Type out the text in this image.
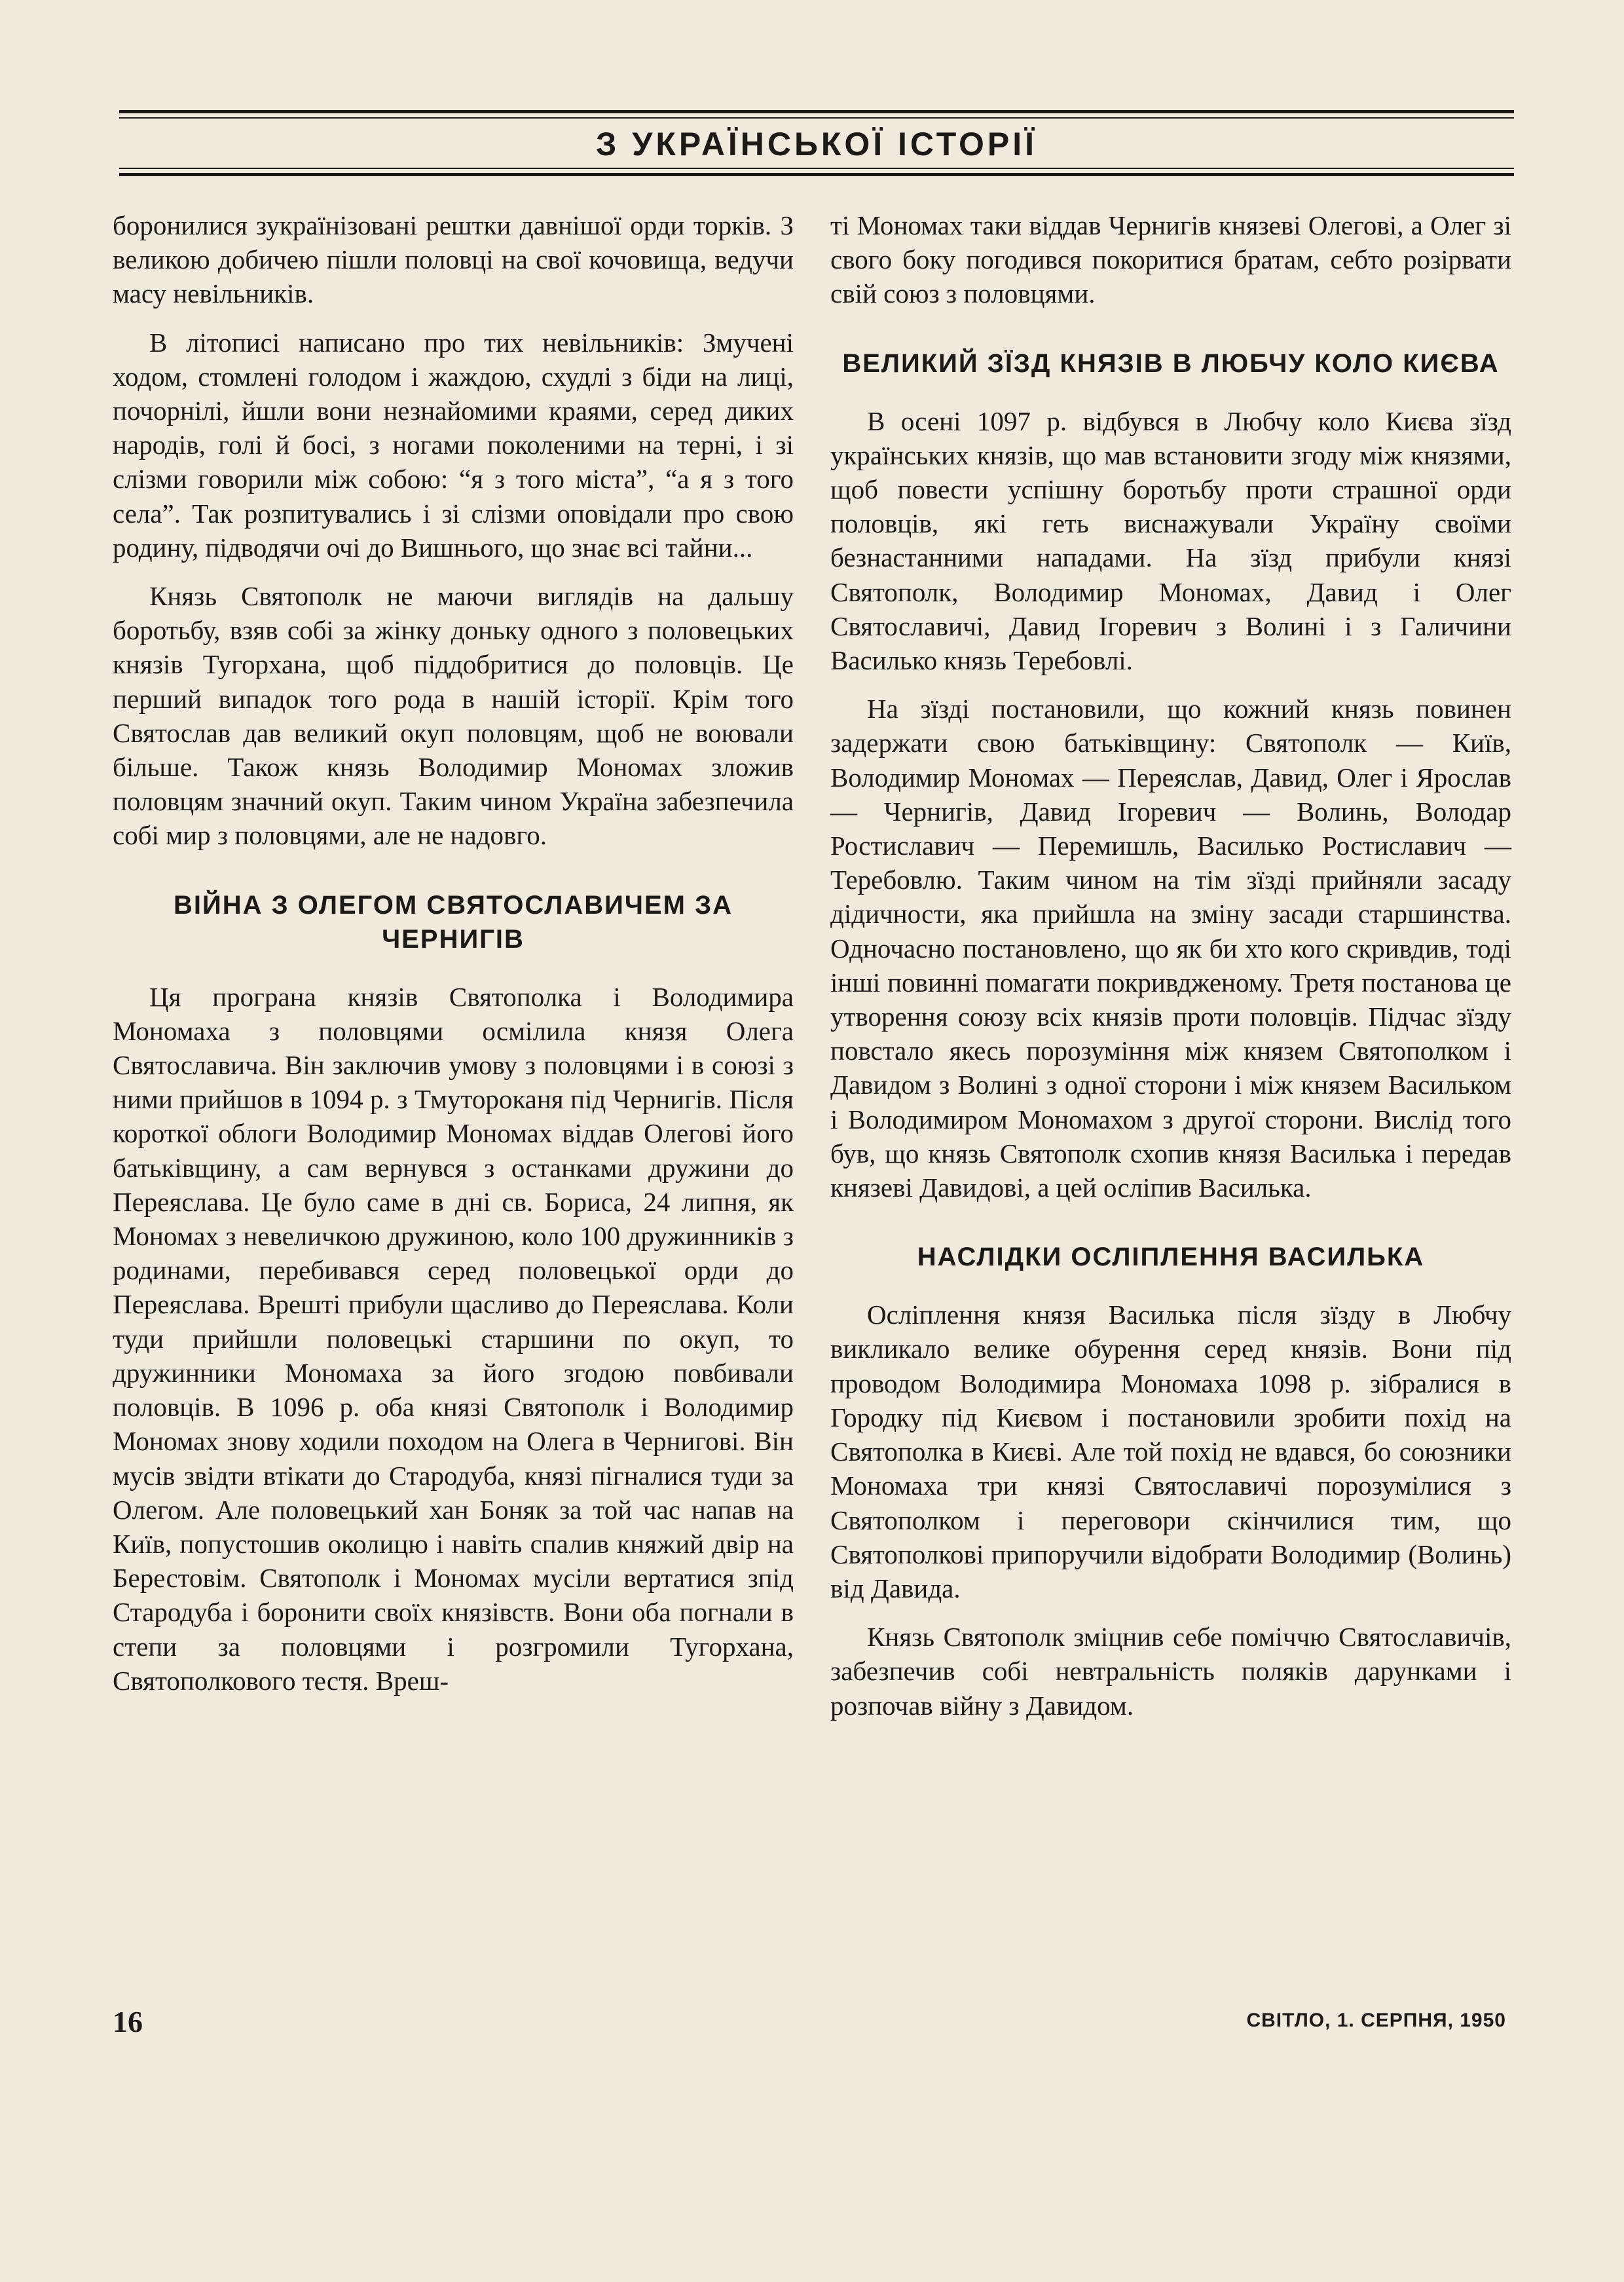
З УКРАЇНСЬКОЇ ІСТОРІЇ

боронилися зукраїнізовані рештки давнішої орди торків. З великою добичею пішли половці на свої кочовища, ведучи масу невільників.

В літописі написано про тих невільників: Змучені ходом, стомлені голодом і жаждою, схудлі з біди на лиці, почорнілі, йшли вони незнайомими краями, серед диких народів, голі й босі, з ногами поколеними на терні, і зі слізми говорили між собою: “я з того міста”, “а я з того села”. Так розпитувались і зі слізми оповідали про свою родину, підводячи очі до Вишнього, що знає всі тайни...

Князь Святополк не маючи виглядів на дальшу боротьбу, взяв собі за жінку доньку одного з половецьких князів Тугорхана, щоб піддобритися до половців. Це перший випадок того рода в нашій історії. Крім того Святослав дав великий окуп половцям, щоб не воювали більше. Також князь Володимир Мономах зложив половцям значний окуп. Таким чином Україна забезпечила собі мир з половцями, але не надовго.

ВІЙНА З ОЛЕГОМ СВЯТОСЛАВИЧЕМ ЗА ЧЕРНИГІВ

Ця програна князів Святополка і Володимира Мономаха з половцями осмілила князя Олега Святославича. Він заключив умову з половцями і в союзі з ними прийшов в 1094 р. з Тмутороканя під Чернигів. Після короткої облоги Володимир Мономах віддав Олегові його батьківщину, а сам вернувся з останками дружини до Переяслава. Це було саме в дні св. Бориса, 24 липня, як Мономах з невеличкою дружиною, коло 100 дружинників з родинами, перебивався серед половецької орди до Переяслава. Врешті прибули щасливо до Переяслава. Коли туди прийшли половецькі старшини по окуп, то дружинники Мономаха за його згодою повбивали половців. В 1096 р. оба князі Святополк і Володимир Мономах знову ходили походом на Олега в Чернигові. Він мусів звідти втікати до Стародуба, князі пігналися туди за Олегом. Але половецький хан Боняк за той час напав на Київ, попустошив околицю і навіть спалив княжий двір на Берестовім. Святополк і Мономах мусіли вертатися зпід Стародуба і боронити своїх князівств. Вони оба погнали в степи за половцями і розгромили Тугорхана, Святополкового тестя. Вреш-

ті Мономах таки віддав Чернигів князеві Олегові, а Олег зі свого боку погодився покоритися братам, себто розірвати свій союз з половцями.

ВЕЛИКИЙ ЗЇЗД КНЯЗІВ В ЛЮБЧУ КОЛО КИЄВА

В осені 1097 р. відбувся в Любчу коло Києва зїзд українських князів, що мав встановити згоду між князями, щоб повести успішну боротьбу проти страшної орди половців, які геть виснажували Україну своїми безнастанними нападами. На зїзд прибули князі Святополк, Володимир Мономах, Давид і Олег Святославичі, Давид Ігоревич з Волині і з Галичини Василько князь Теребовлі.

На зїзді постановили, що кожний князь повинен задержати свою батьківщину: Святополк — Київ, Володимир Мономах — Переяслав, Давид, Олег і Ярослав — Чернигів, Давид Ігоревич — Волинь, Володар Ростиславич — Перемишль, Василько Ростиславич — Теребовлю. Таким чином на тім зїзді прийняли засаду дідичности, яка прийшла на зміну засади старшинства. Одночасно постановлено, що як би хто кого скривдив, тоді інші повинні помагати покривдженому. Третя постанова це утворення союзу всіх князів проти половців. Підчас зїзду повстало якесь порозуміння між князем Святополком і Давидом з Волині з одної сторони і між князем Васильком і Володимиром Мономахом з другої сторони. Вислід того був, що князь Святополк схопив князя Василька і передав князеві Давидові, а цей осліпив Василька.

НАСЛІДКИ ОСЛІПЛЕННЯ ВАСИЛЬКА

Осліплення князя Василька після зїзду в Любчу викликало велике обурення серед князів. Вони під проводом Володимира Мономаха 1098 р. зібралися в Городку під Києвом і постановили зробити похід на Святополка в Києві. Але той похід не вдався, бо союзники Мономаха три князі Святославичі порозумілися з Святополком і переговори скінчилися тим, що Святополкові припоручили відобрати Володимир (Волинь) від Давида.

Князь Святополк зміцнив себе поміччю Святославичів, забезпечив собі невтральність поляків дарунками і розпочав війну з Давидом.

16	СВІТЛО, 1. СЕРПНЯ, 1950
